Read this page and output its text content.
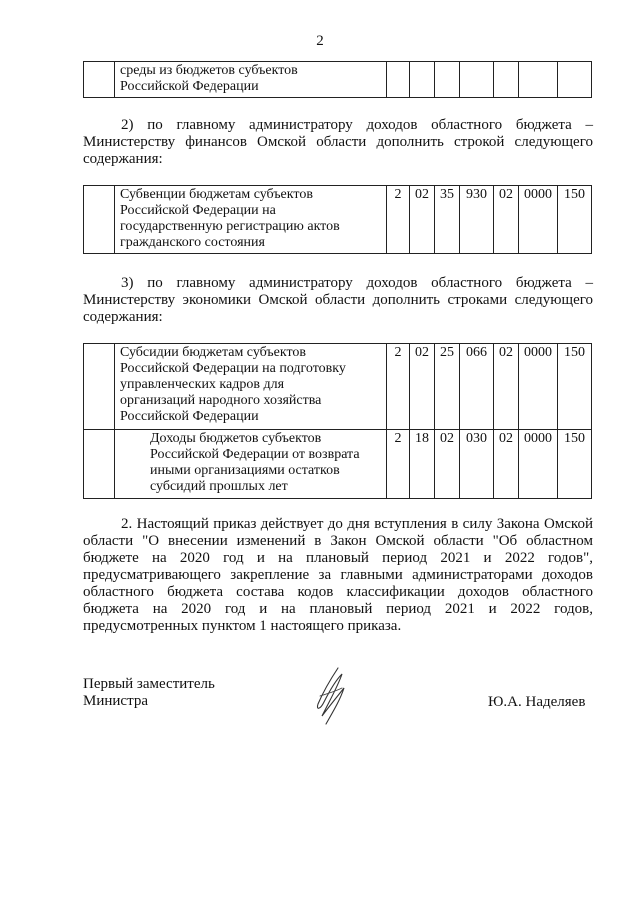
2
	среды из бюджетов субъектов
Российской Федерации							
2) по главному администратору доходов областного бюджета –
Министерству финансов Омской области дополнить строкой следующего
содержания:
	Субвенции бюджетам субъектов
Российской Федерации на
государственную регистрацию актов
гражданского состояния	2	02	35	930	02	0000	150
3) по главному администратору доходов областного бюджета –
Министерству экономики Омской области дополнить строками следующего
содержания:
	Субсидии бюджетам субъектов
Российской Федерации на подготовку
управленческих кадров для
организаций народного хозяйства
Российской Федерации	2	02	25	066	02	0000	150
	Доходы бюджетов субъектов
Российской Федерации от возврата
иными организациями остатков
субсидий прошлых лет	2	18	02	030	02	0000	150
2. Настоящий приказ действует до дня вступления в силу Закона Омской
области "О внесении изменений в Закон Омской области "Об областном
бюджете на 2020 год и на плановый период 2021 и 2022 годов",
предусматривающего закрепление за главными администраторами доходов
областного бюджета состава кодов классификации доходов областного
бюджета на 2020 год и на плановый период 2021 и 2022 годов,
предусмотренных пунктом 1 настоящего приказа.
Первый заместитель
Министра	Ю.А. Наделяев
